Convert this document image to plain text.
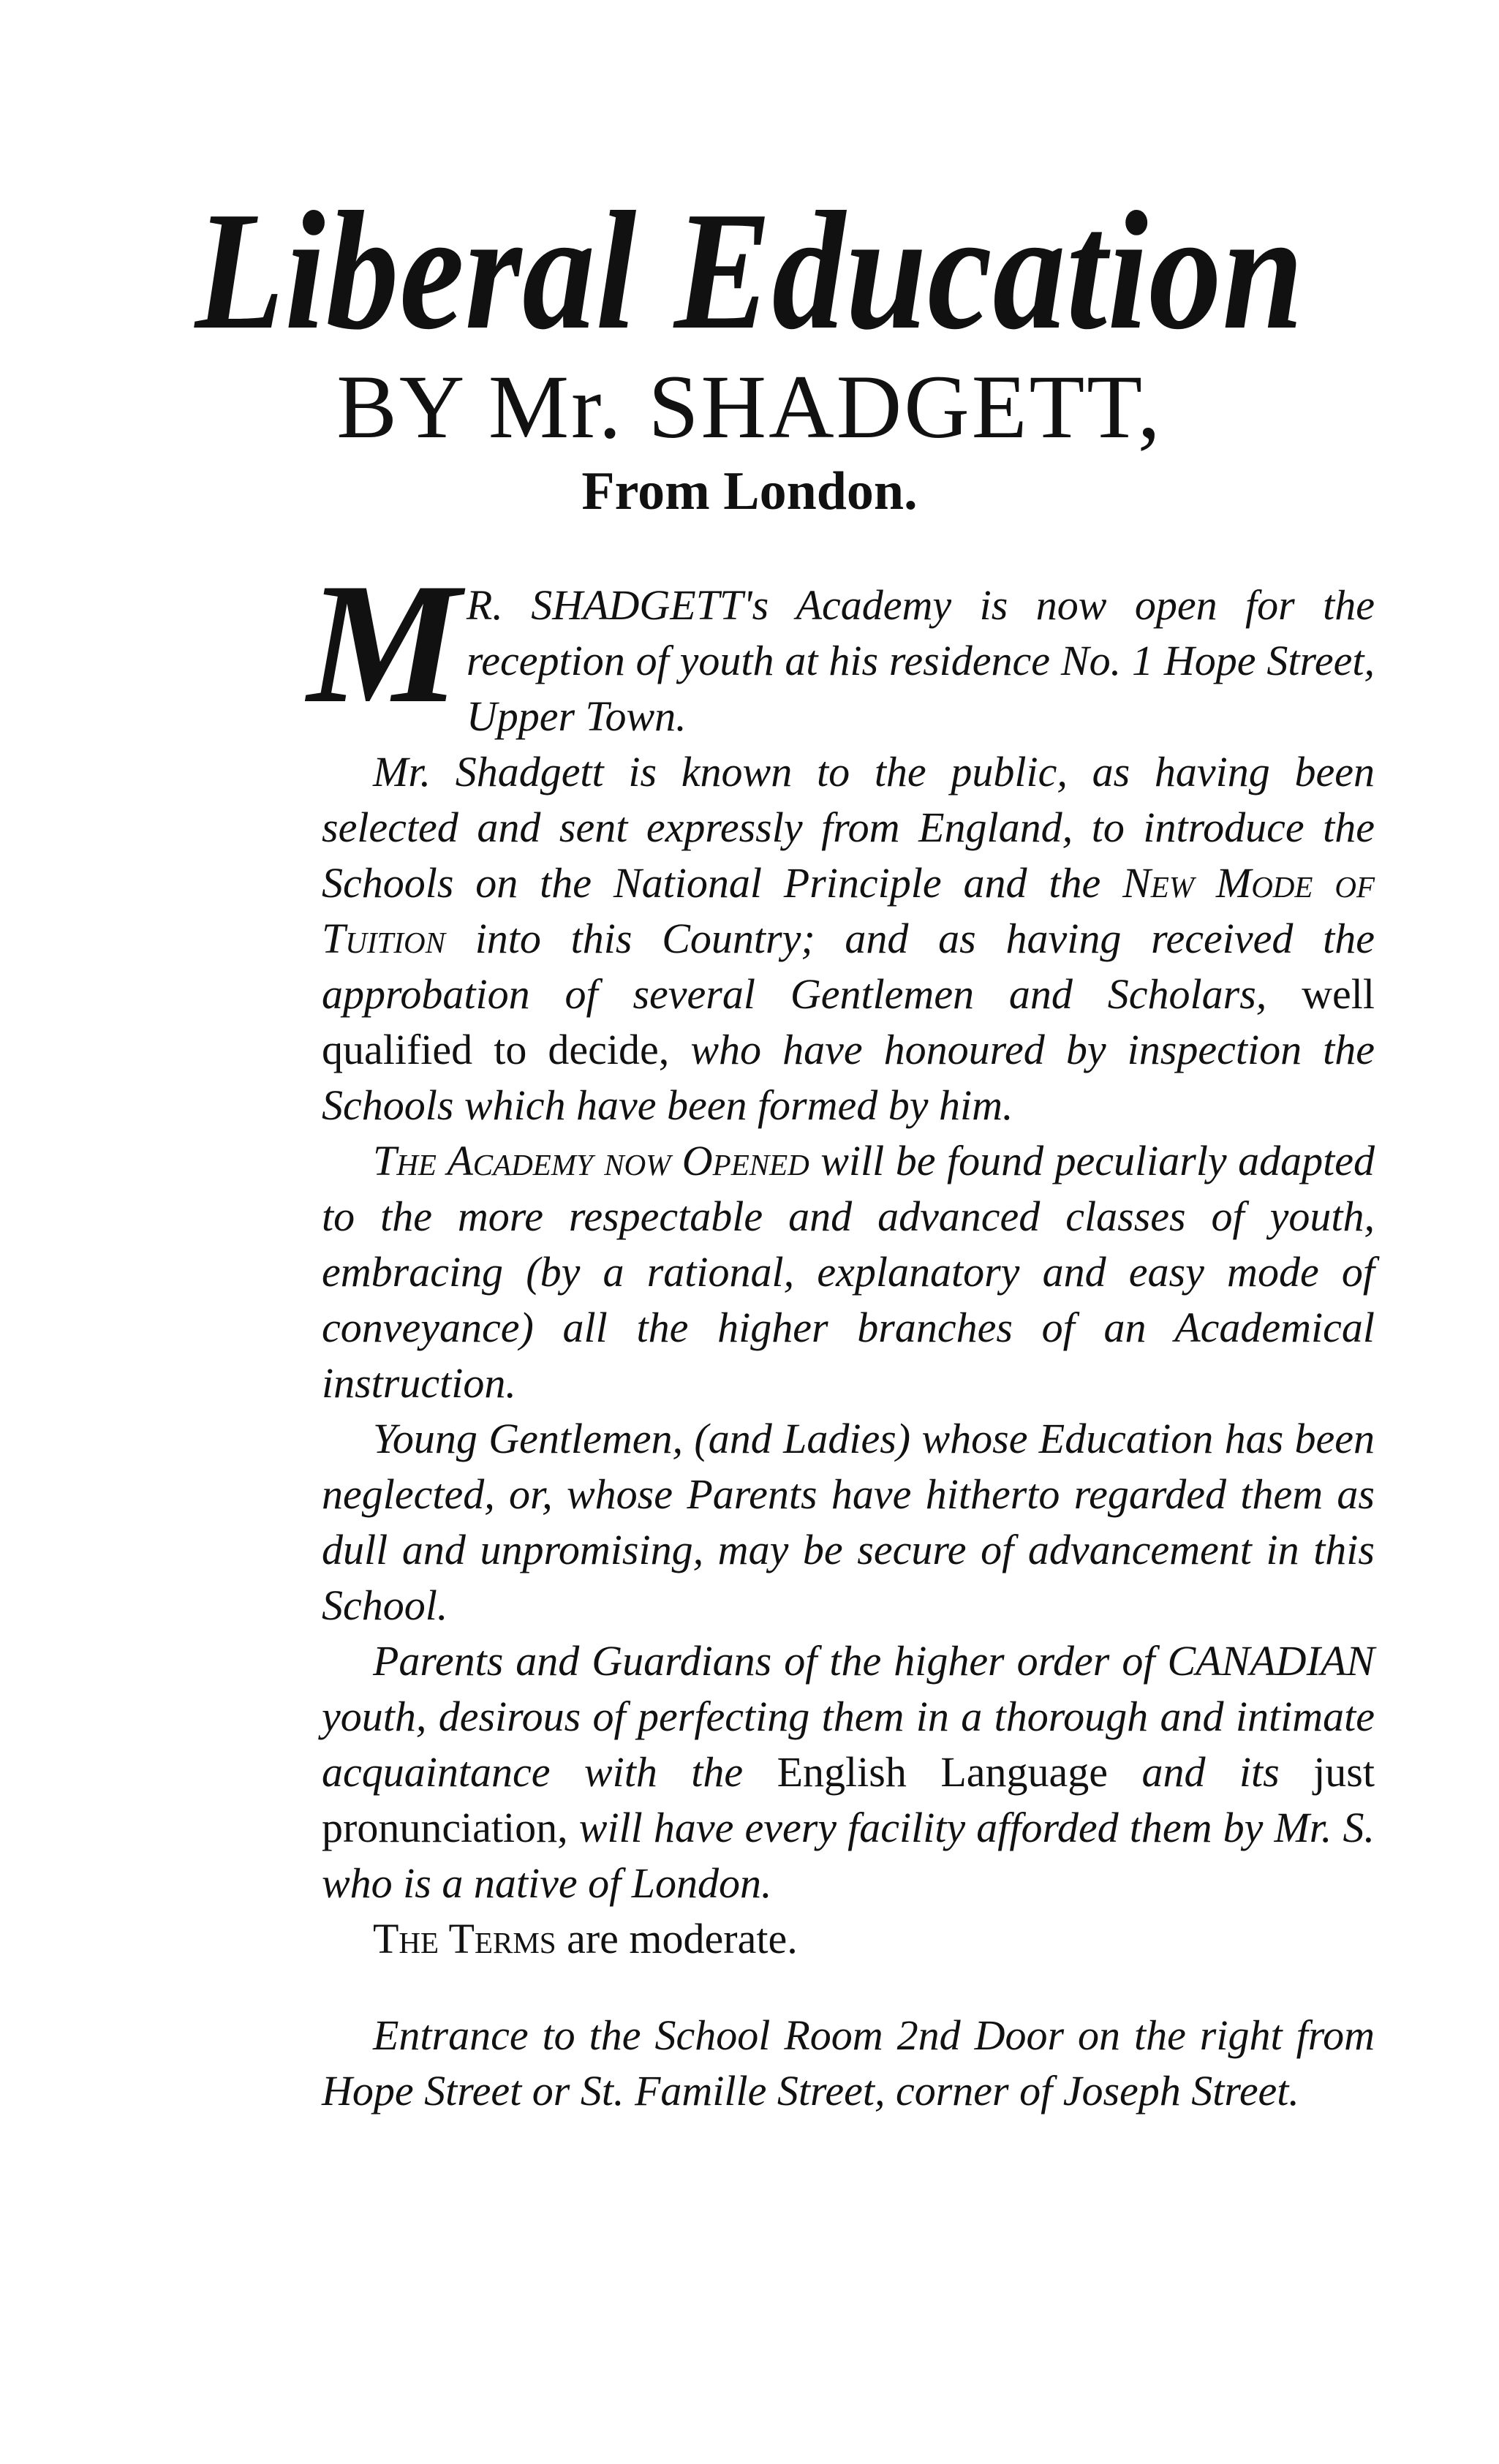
Liberal Education
BY Mr. SHADGETT,
From London.

M R. SHADGETT's Academy is now open for the reception of youth at his residence No. 1 Hope Street, Upper Town.

Mr. Shadgett is known to the public, as having been selected and sent expressly from England, to introduce the Schools on the National Principle and the New Mode of Tuition into this Country; and as having received the approbation of several Gentlemen and Scholars, well qualified to decide, who have honoured by inspection the Schools which have been formed by him.

The Academy now Opened will be found peculiarly adapted to the more respectable and advanced classes of youth, embracing (by a rational, explanatory and easy mode of conveyance) all the higher branches of an Academical instruction.

Young Gentlemen, (and Ladies) whose Education has been neglected, or, whose Parents have hitherto regarded them as dull and unpromising, may be secure of advancement in this School.

Parents and Guardians of the higher order of CANADIAN youth, desirous of perfecting them in a thorough and intimate acquaintance with the English Language and its just pronunciation, will have every facility afforded them by Mr. S. who is a native of London.

The Terms are moderate.

Entrance to the School Room 2nd Door on the right from Hope Street or St. Famille Street, corner of Joseph Street.
